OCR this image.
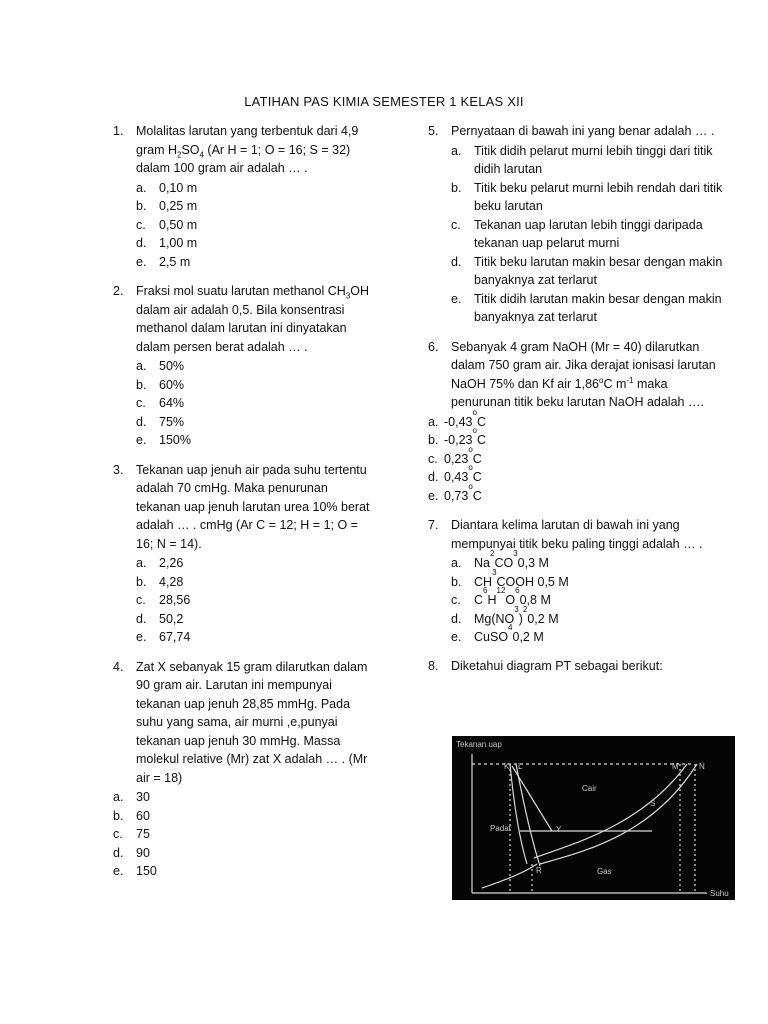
LATIHAN PAS KIMIA SEMESTER 1 KELAS XII
1.	Molalitas larutan yang terbentuk dari 4,9 gram $H_2SO_4$ (Ar H = 1; O = 16; S = 32) dalam 100 gram air adalah … .
a.	0,10 m
b.	0,25 m
c.	0,50 m
d.	1,00 m
e.	2,5 m
2.	Fraksi mol suatu larutan methanol $CH_3OH$ dalam air adalah 0,5. Bila konsentrasi methanol dalam larutan ini dinyatakan dalam persen berat adalah … .
a.	50%
b.	60%
c.	64%
d.	75%
e.	150%
3.	Tekanan uap jenuh air pada suhu tertentu adalah 70 cmHg. Maka penurunan tekanan uap jenuh larutan urea 10% berat adalah … . cmHg (Ar C = 12; H = 1; O = 16; N = 14).
a.	2,26
b.	4,28
c.	28,56
d.	50,2
e.	67,74
4.	Zat X sebanyak 15 gram dilarutkan dalam 90 gram air. Larutan ini mempunyai tekanan uap jenuh 28,85 mmHg. Pada suhu yang sama, air murni ,e,punyai tekanan uap jenuh 30 mmHg. Massa molekul relative (Mr) zat X adalah … . (Mr air = 18)
a.	30
b.	60
c.	75
d.	90
e.	150
5.	Pernyataan di bawah ini yang benar adalah … .
a.	Titik didih pelarut murni lebih tinggi dari titik didih larutan
b.	Titik beku pelarut murni lebih rendah dari titik beku larutan
c.	Tekanan uap larutan lebih tinggi daripada tekanan uap pelarut murni
d.	Titik beku larutan makin besar dengan makin banyaknya zat terlarut
e.	Titik didih larutan makin besar dengan makin banyaknya zat terlarut
6.	Sebanyak 4 gram NaOH (Mr = 40) dilarutkan dalam 750 gram air. Jika derajat ionisasi larutan NaOH 75% dan Kf air 1,86$^o$C $m^{-1}$ maka penurunan titik beku larutan NaOH adalah ….
a. -0,43
o
C
b. -0,23
o
C
c. 0,23
o
C
d. 0,43
o
C
e. 0,73
o
C
7.	Diantara kelima larutan di bawah ini yang mempunyai titik beku paling tinggi adalah … .
a.	Na
2
CO
3
0,3 M
b.	CH
3
COOH 0,5 M
c.	C
6
H
12
O
6
0,8 M
d.	Mg(NO
3
)
2
0,2 M
e.	CuSO
4
0,2 M
8.	Diketahui diagram PT sebagai berikut:
Tekanan uap
Suhu
Cair
Padat
Gas
K L	M	N
Y
R
S
